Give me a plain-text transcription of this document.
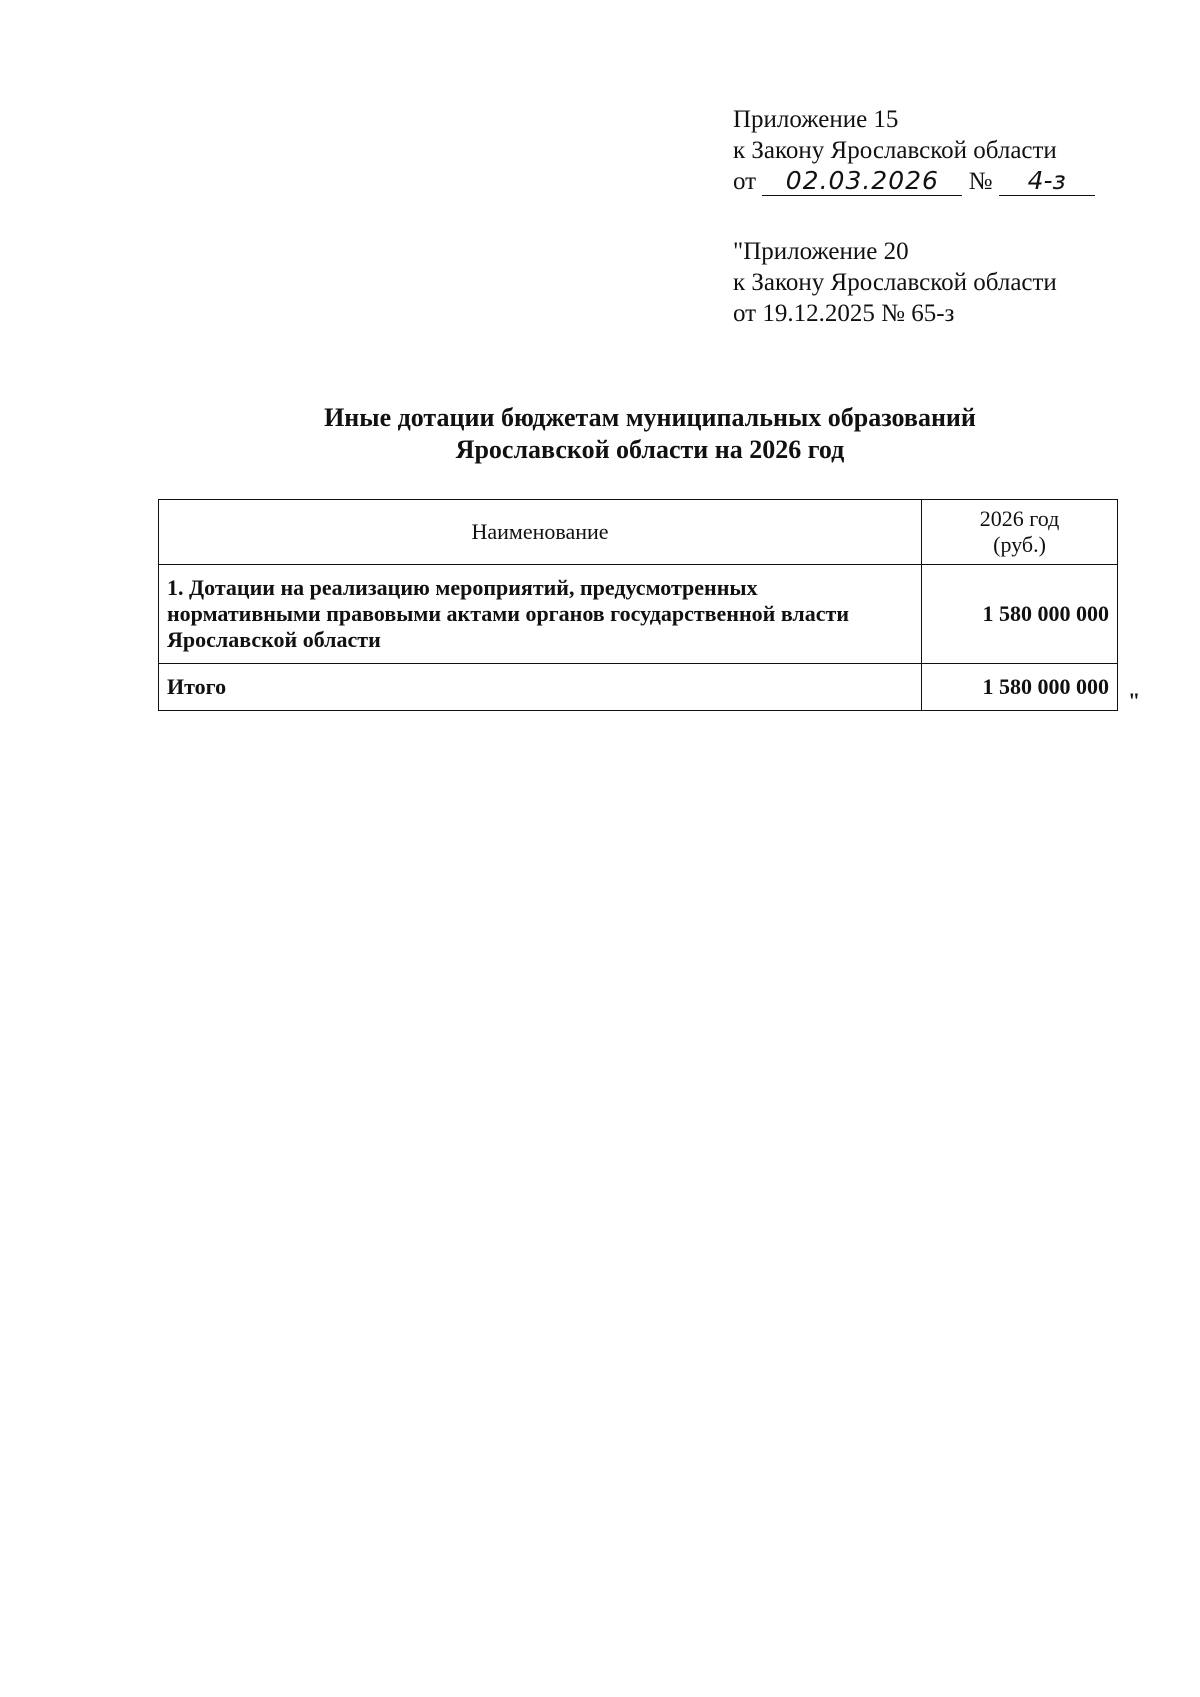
Приложение 15
к Закону Ярославской области
от 02.03.2026 № 4-з
"Приложение 20
к Закону Ярославской области
от 19.12.2025 № 65-з
Иные дотации бюджетам муниципальных образований
Ярославской области на 2026 год
Наименование	2026 год
(руб.)

1. Дотации на реализацию мероприятий, предусмотренных нормативными правовыми актами органов государственной власти Ярославской области	1 580 000 000
Итого	1 580 000 000
"
